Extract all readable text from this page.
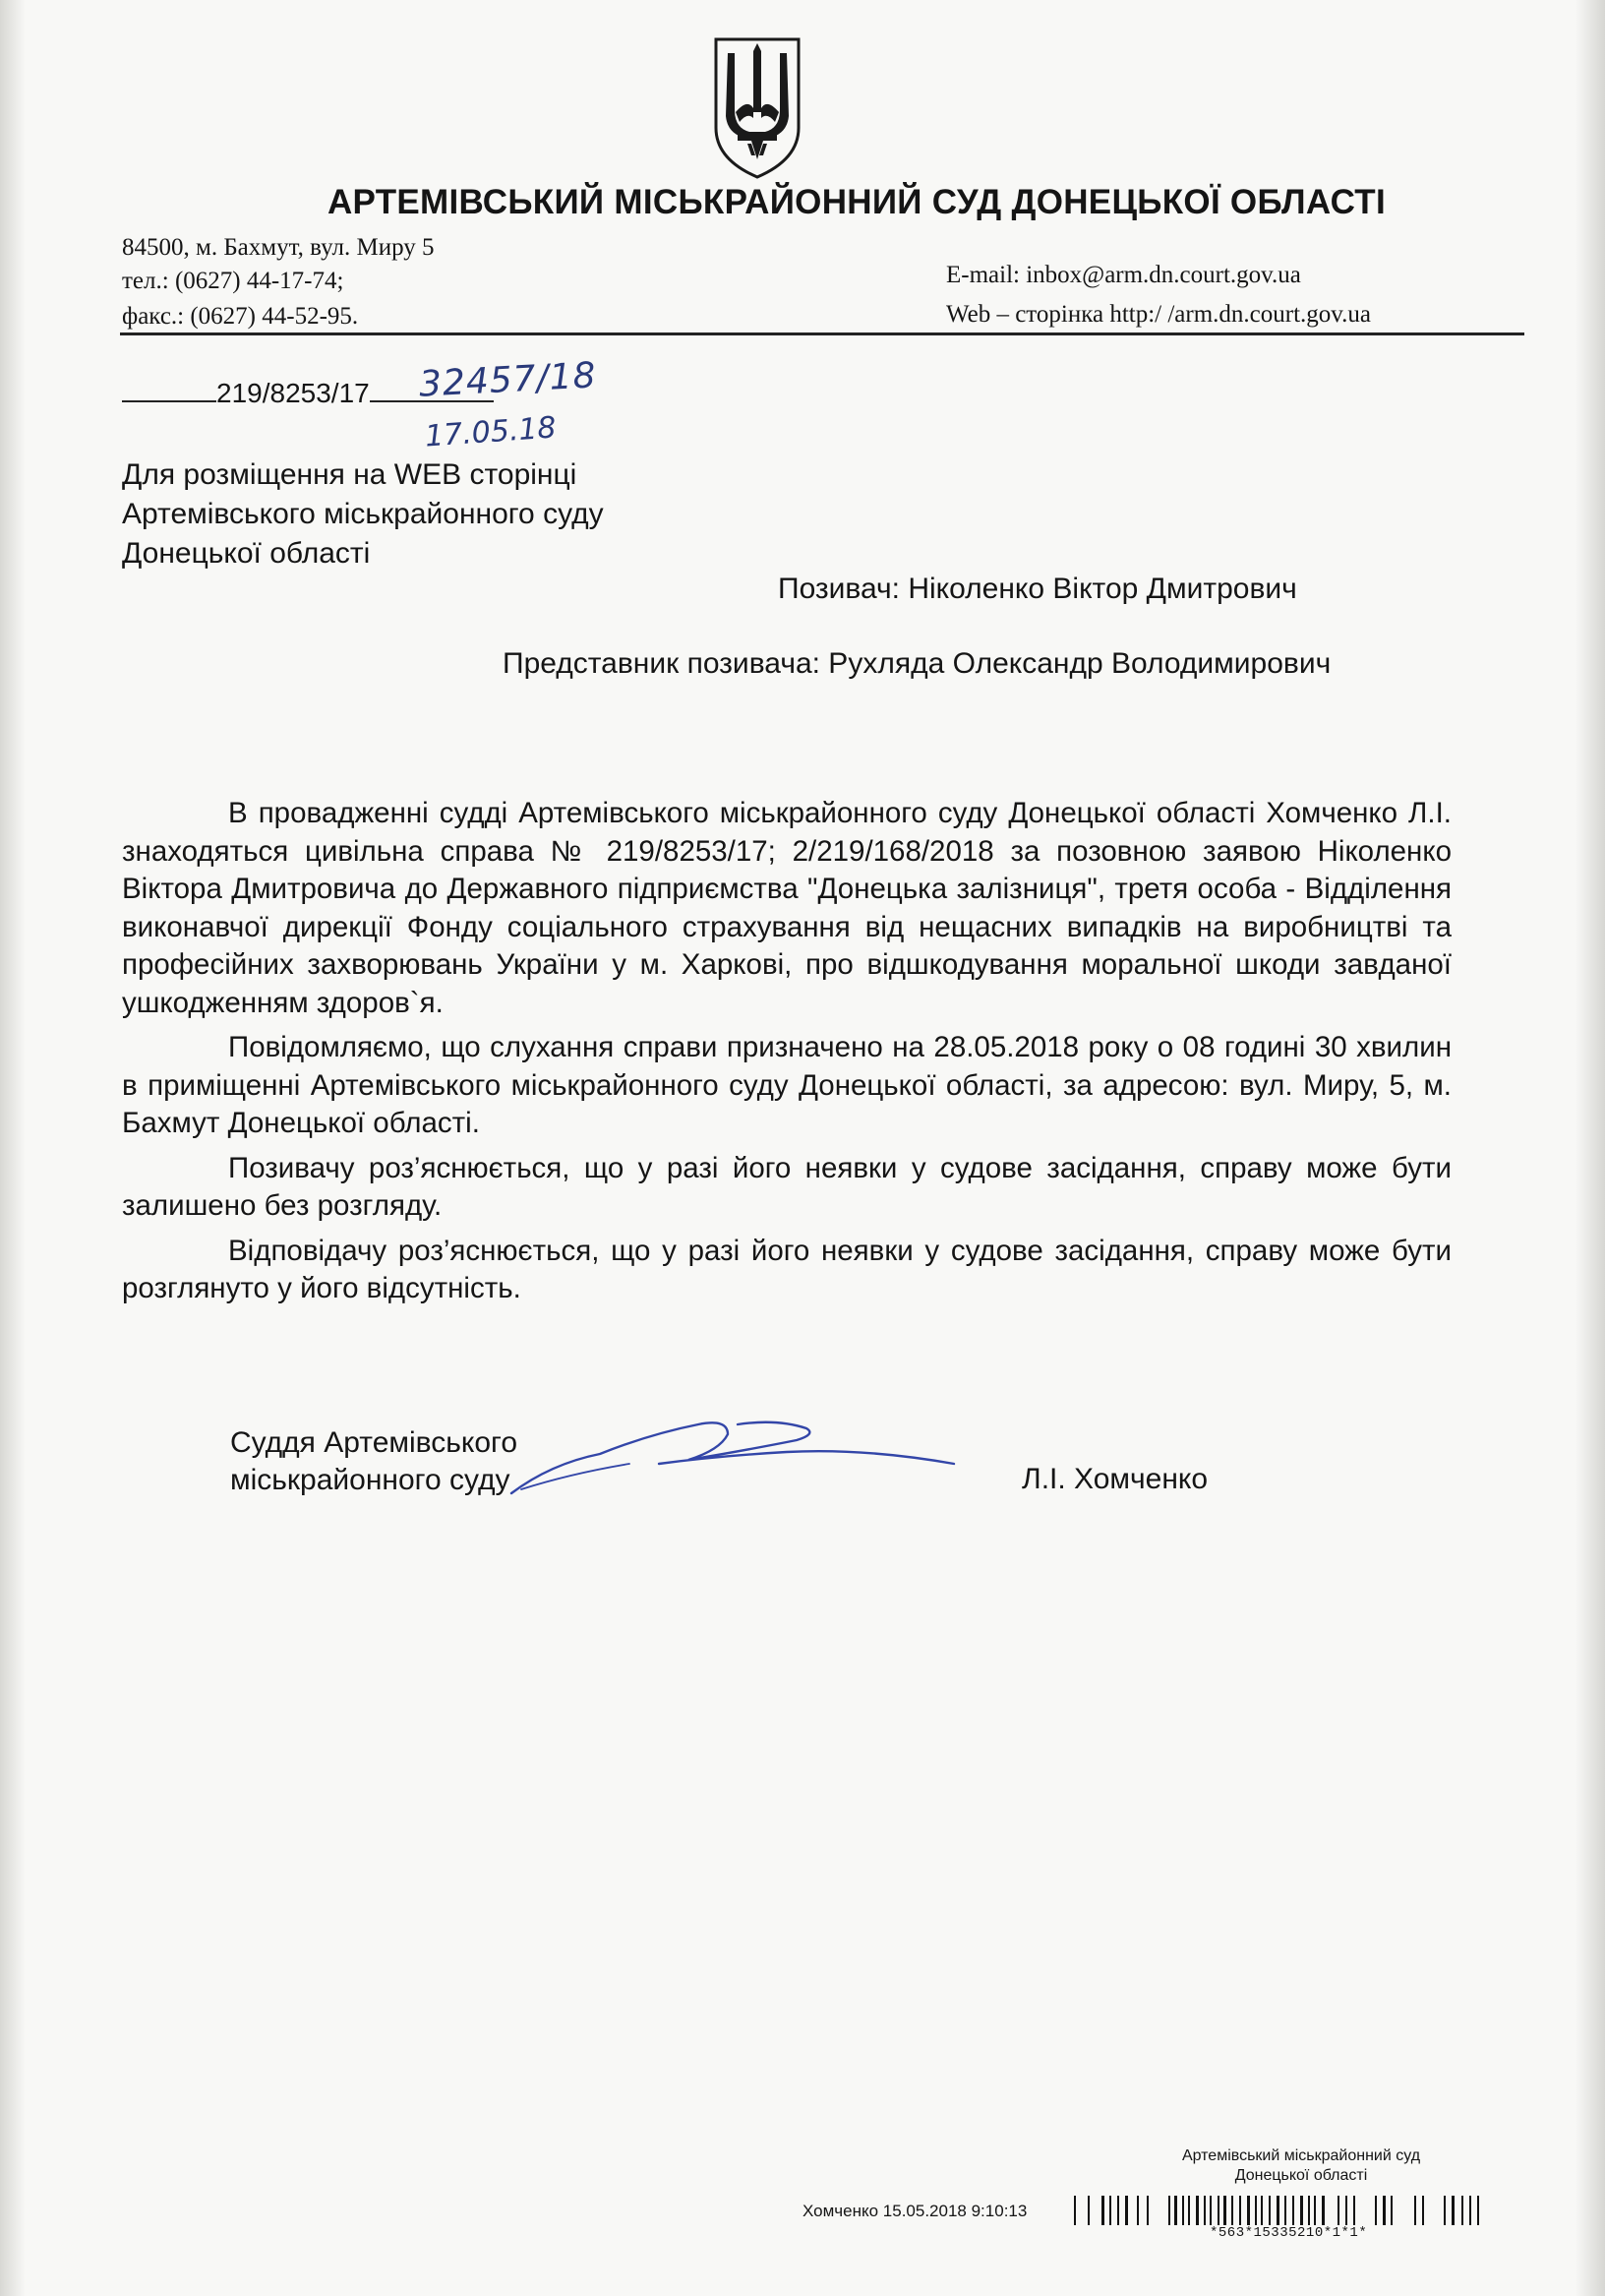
АРТЕМІВСЬКИЙ МІСЬКРАЙОННИЙ СУД ДОНЕЦЬКОЇ ОБЛАСТІ
84500, м. Бахмут, вул. Миру 5
тел.: (0627) 44-17-74;
факс.: (0627) 44-52-95.
E-mail: inbox@arm.dn.court.gov.ua
Web – сторінка http:/ /arm.dn.court.gov.ua
219/8253/17	32457/18
17.05.18
Для розміщення на WEB сторінці
Артемівського міськрайонного суду
Донецької області
Позивач: Ніколенко Віктор Дмитрович
Представник позивача: Рухляда Олександр Володимирович

В провадженні судді Артемівського міськрайонного суду Донецької області Хомченко Л.І. знаходяться цивільна справа № 219/8253/17; 2/219/168/2018 за позовною заявою Ніколенко Віктора Дмитровича до Державного підприємства "Донецька залізниця", третя особа - Відділення виконавчої дирекції Фонду соціального страхування від нещасних випадків на виробництві та професійних захворювань України у м. Харкові, про відшкодування моральної шкоди завданої ушкодженням здоров`я.

Повідомляємо, що слухання справи призначено на 28.05.2018 року о 08 годині 30 хвилин в приміщенні Артемівського міськрайонного суду Донецької області, за адресою: вул. Миру, 5, м. Бахмут Донецької області.

Позивачу роз’яснюється, що у разі його неявки у судове засідання, справу може бути залишено без розгляду.

Відповідачу роз’яснюється, що у разі його неявки у судове засідання, справу може бути розглянуто у його відсутність.

Суддя Артемівського
міськрайонного суду	Л.І. Хомченко
Артемівський міськрайонний суд
Донецької області
Хомченко 15.05.2018 9:10:13
*563*15335210*1*1*
